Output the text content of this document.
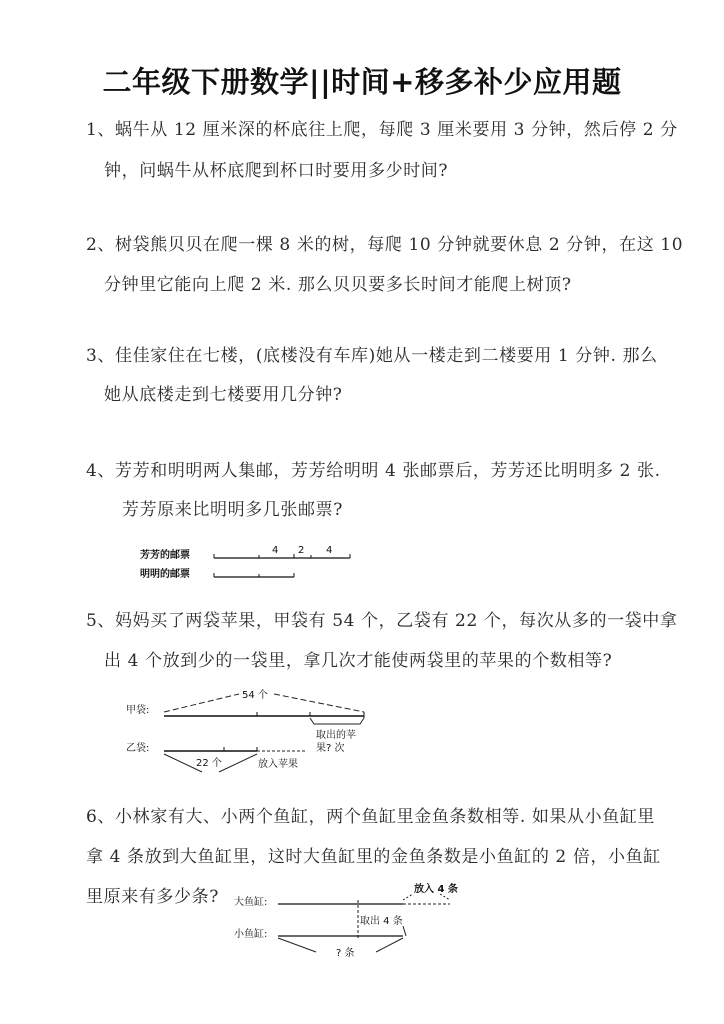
二年级下册数学||时间+移多补少应用题
1、蜗牛从 12 厘米深的杯底往上爬，每爬 3 厘米要用 3 分钟，然后停 2 分
钟，问蜗牛从杯底爬到杯口时要用多少时间?
2、树袋熊贝贝在爬一棵 8 米的树，每爬 10 分钟就要休息 2 分钟，在这 10
分钟里它能向上爬 2 米. 那么贝贝要多长时间才能爬上树顶?
3、佳佳家住在七楼，(底楼没有车库)她从一楼走到二楼要用 1 分钟. 那么
她从底楼走到七楼要用几分钟?
4、芳芳和明明两人集邮，芳芳给明明 4 张邮票后，芳芳还比明明多 2 张.
芳芳原来比明明多几张邮票?
芳芳的邮票
明明的邮票
4 2 4
5、妈妈买了两袋苹果，甲袋有 54 个，乙袋有 22 个，每次从多的一袋中拿
出 4 个放到少的一袋里，拿几次才能使两袋里的苹果的个数相等?
甲袋:
乙袋:
54 个
取出的苹
果? 次
22 个	放入苹果
6、小林家有大、小两个鱼缸，两个鱼缸里金鱼条数相等. 如果从小鱼缸里
拿 4 条放到大鱼缸里，这时大鱼缸里的金鱼条数是小鱼缸的 2 倍，小鱼缸
里原来有多少条?	放入 4 条
大鱼缸:
取出 4 条
小鱼缸:
? 条
